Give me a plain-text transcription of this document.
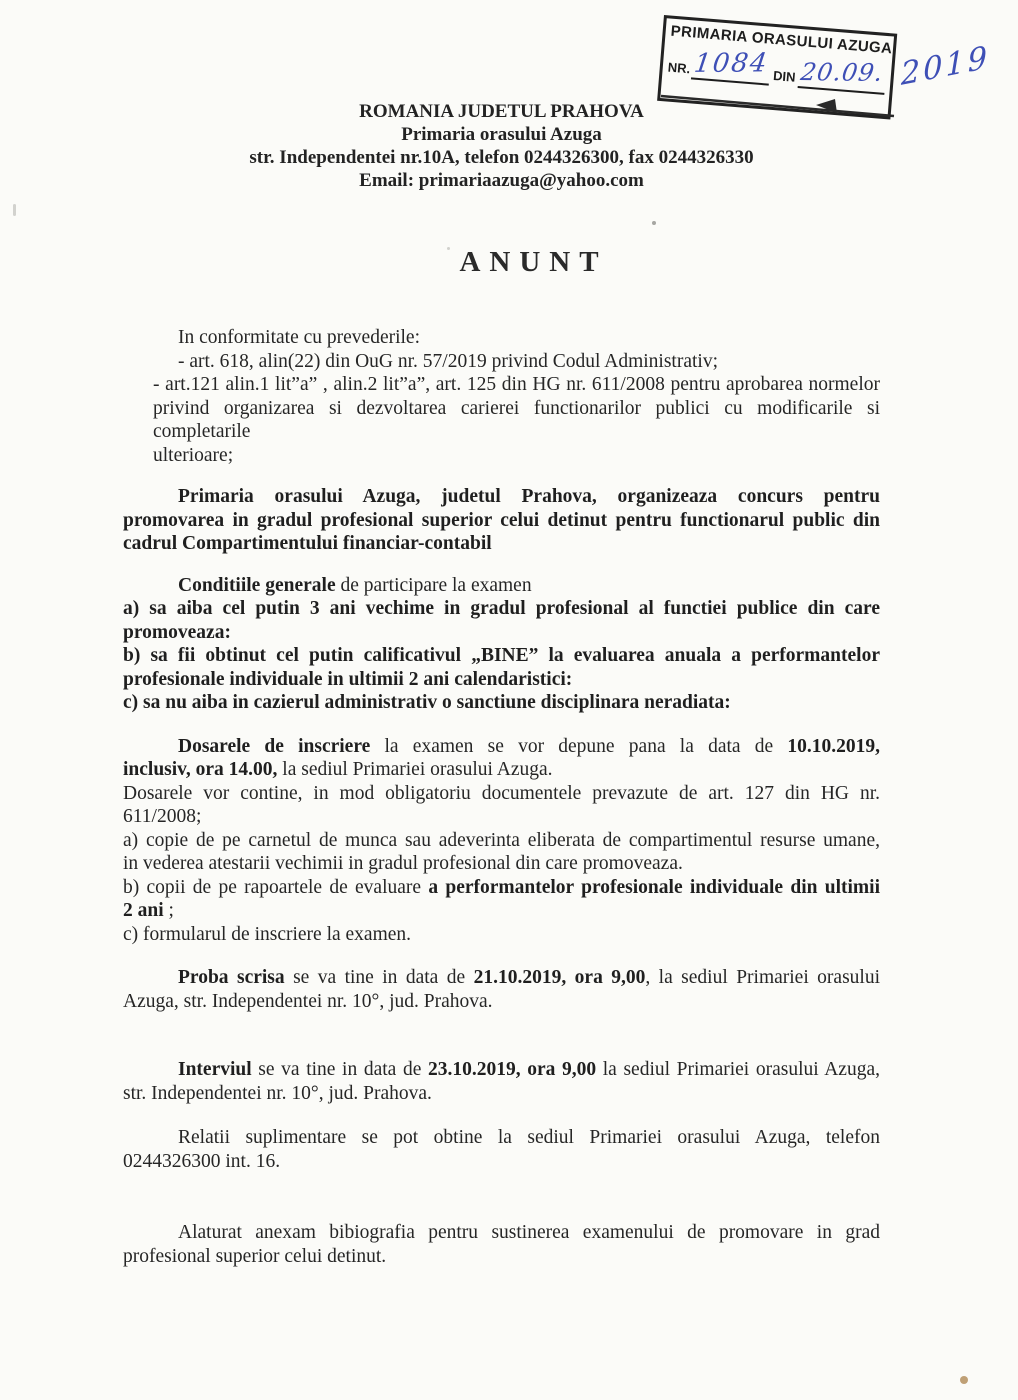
PRIMARIA ORASULUI AZUGA
NR. 1084 DIN 20.09. 2019
ROMANIA JUDETUL PRAHOVA
Primaria orasului Azuga
str. Independentei nr.10A, telefon 0244326300, fax 0244326330
Email: primariaazuga@yahoo.com
ANUNT
In conformitate cu prevederile:
- art. 618, alin(22) din OuG nr. 57/2019 privind Codul Administrativ;
- art.121 alin.1 lit”a” , alin.2 lit”a”, art. 125 din HG nr. 611/2008 pentru aprobarea normelor
privind organizarea si dezvoltarea carierei functionarilor publici cu modificarile si completarile
ulterioare;
Primaria orasului Azuga, judetul Prahova, organizeaza concurs pentru
promovarea in gradul profesional superior celui detinut pentru functionarul public din
cadrul Compartimentului financiar-contabil
Conditiile generale de participare la examen
a) sa aiba cel putin 3 ani vechime in gradul profesional al functiei publice din care
promoveaza:
b) sa fii obtinut cel putin calificativul „BINE” la evaluarea anuala a performantelor
profesionale individuale in ultimii 2 ani calendaristici:
c) sa nu aiba in cazierul administrativ o sanctiune disciplinara neradiata:
Dosarele de inscriere la examen se vor depune pana la data de 10.10.2019,
inclusiv, ora 14.00, la sediul Primariei orasului Azuga.
Dosarele vor contine, in mod obligatoriu documentele prevazute de art. 127 din HG nr.
611/2008;
a) copie de pe carnetul de munca sau adeverinta eliberata de compartimentul resurse umane,
in vederea atestarii vechimii in gradul profesional din care promoveaza.
b) copii de pe rapoartele de evaluare a performantelor profesionale individuale din ultimii
2 ani ;
c) formularul de inscriere la examen.
Proba scrisa se va tine in data de 21.10.2019, ora 9,00, la sediul Primariei orasului
Azuga, str. Independentei nr. 10°, jud. Prahova.
Interviul se va tine in data de 23.10.2019, ora 9,00 la sediul Primariei orasului Azuga,
str. Independentei nr. 10°, jud. Prahova.
Relatii suplimentare se pot obtine la sediul Primariei orasului Azuga, telefon
0244326300 int. 16.
Alaturat anexam bibiografia pentru sustinerea examenului de promovare in grad
profesional superior celui detinut.
